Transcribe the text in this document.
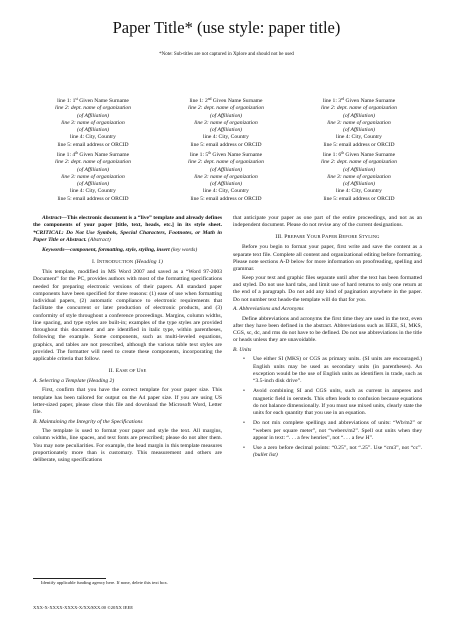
Paper Title* (use style: paper title)
*Note: Sub-titles are not captured in Xplore and should not be used
line 1: 1st Given Name Surname
line 2: dept. name of organization
(of Affiliation)
line 3: name of organization
(of Affiliation)
line 4: City, Country
line 5: email address or ORCID
line 1: 2nd Given Name Surname
line 2: dept. name of organization
(of Affiliation)
line 3: name of organization
(of Affiliation)
line 4: City, Country
line 5: email address or ORCID
line 1: 3rd Given Name Surname
line 2: dept. name of organization
(of Affiliation)
line 3: name of organization
(of Affiliation)
line 4: City, Country
line 5: email address or ORCID
line 1: 4th Given Name Surname
line 2: dept. name of organization
(of Affiliation)
line 3: name of organization
(of Affiliation)
line 4: City, Country
line 5: email address or ORCID
line 1: 5th Given Name Surname
line 2: dept. name of organization
(of Affiliation)
line 3: name of organization
(of Affiliation)
line 4: City, Country
line 5: email address or ORCID
line 1: 6th Given Name Surname
line 2: dept. name of organization
(of Affiliation)
line 3: name of organization
(of Affiliation)
line 4: City, Country
line 5: email address or ORCID

Abstract—This electronic document is a “live” template and already defines the components of your paper [title, text, heads, etc.] in its style sheet. *CRITICAL: Do Not Use Symbols, Special Characters, Footnotes, or Math in Paper Title or Abstract. (Abstract)

Keywords—component, formatting, style, styling, insert (key words)

I. INTRODUCTION (Heading 1)

This template, modified in MS Word 2007 and saved as a “Word 97-2003 Document” for the PC, provides authors with most of the formatting specifications needed for preparing electronic versions of their papers. All standard paper components have been specified for three reasons: (1) ease of use when formatting individual papers, (2) automatic compliance to electronic requirements that facilitate the concurrent or later production of electronic products, and (3) conformity of style throughout a conference proceedings. Margins, column widths, line spacing, and type styles are built-in; examples of the type styles are provided throughout this document and are identified in italic type, within parentheses, following the example. Some components, such as multi-leveled equations, graphics, and tables are not prescribed, although the various table text styles are provided. The formatter will need to create these components, incorporating the applicable criteria that follow.

II. EASE OF USE
A. Selecting a Template (Heading 2)

First, confirm that you have the correct template for your paper size. This template has been tailored for output on the A4 paper size. If you are using US letter-sized paper, please close this file and download the Microsoft Word, Letter file.

B. Maintaining the Integrity of the Specifications

The template is used to format your paper and style the text. All margins, column widths, line spaces, and text fonts are prescribed; please do not alter them. You may note peculiarities. For example, the head margin in this template measures proportionately more than is customary. This measurement and others are deliberate, using specifications

that anticipate your paper as one part of the entire proceedings, and not as an independent document. Please do not revise any of the current designations.

III. PREPARE YOUR PAPER BEFORE STYLING

Before you begin to format your paper, first write and save the content as a separate text file. Complete all content and organizational editing before formatting. Please note sections A-D below for more information on proofreading, spelling and grammar.

Keep your text and graphic files separate until after the text has been formatted and styled. Do not use hard tabs, and limit use of hard returns to only one return at the end of a paragraph. Do not add any kind of pagination anywhere in the paper. Do not number text heads-the template will do that for you.

A. Abbreviations and Acronyms

Define abbreviations and acronyms the first time they are used in the text, even after they have been defined in the abstract. Abbreviations such as IEEE, SI, MKS, CGS, sc, dc, and rms do not have to be defined. Do not use abbreviations in the title or heads unless they are unavoidable.

B. Units
• Use either SI (MKS) or CGS as primary units. (SI units are encouraged.) English units may be used as secondary units (in parentheses). An exception would be the use of English units as identifiers in trade, such as “3.5-inch disk drive”.
• Avoid combining SI and CGS units, such as current in amperes and magnetic field in oersteds. This often leads to confusion because equations do not balance dimensionally. If you must use mixed units, clearly state the units for each quantity that you use in an equation.
• Do not mix complete spellings and abbreviations of units: “Wb/m2” or “webers per square meter”, not “webers/m2”. Spell out units when they appear in text: “. . . a few henries”, not “. . . a few H”.
• Use a zero before decimal points: “0.25”, not “.25”. Use “cm3”, not “cc”. (bullet list)
Identify applicable funding agency here. If none, delete this text box.
XXX-X-XXXX-XXXX-X/XX/$XX.00 ©20XX IEEE
